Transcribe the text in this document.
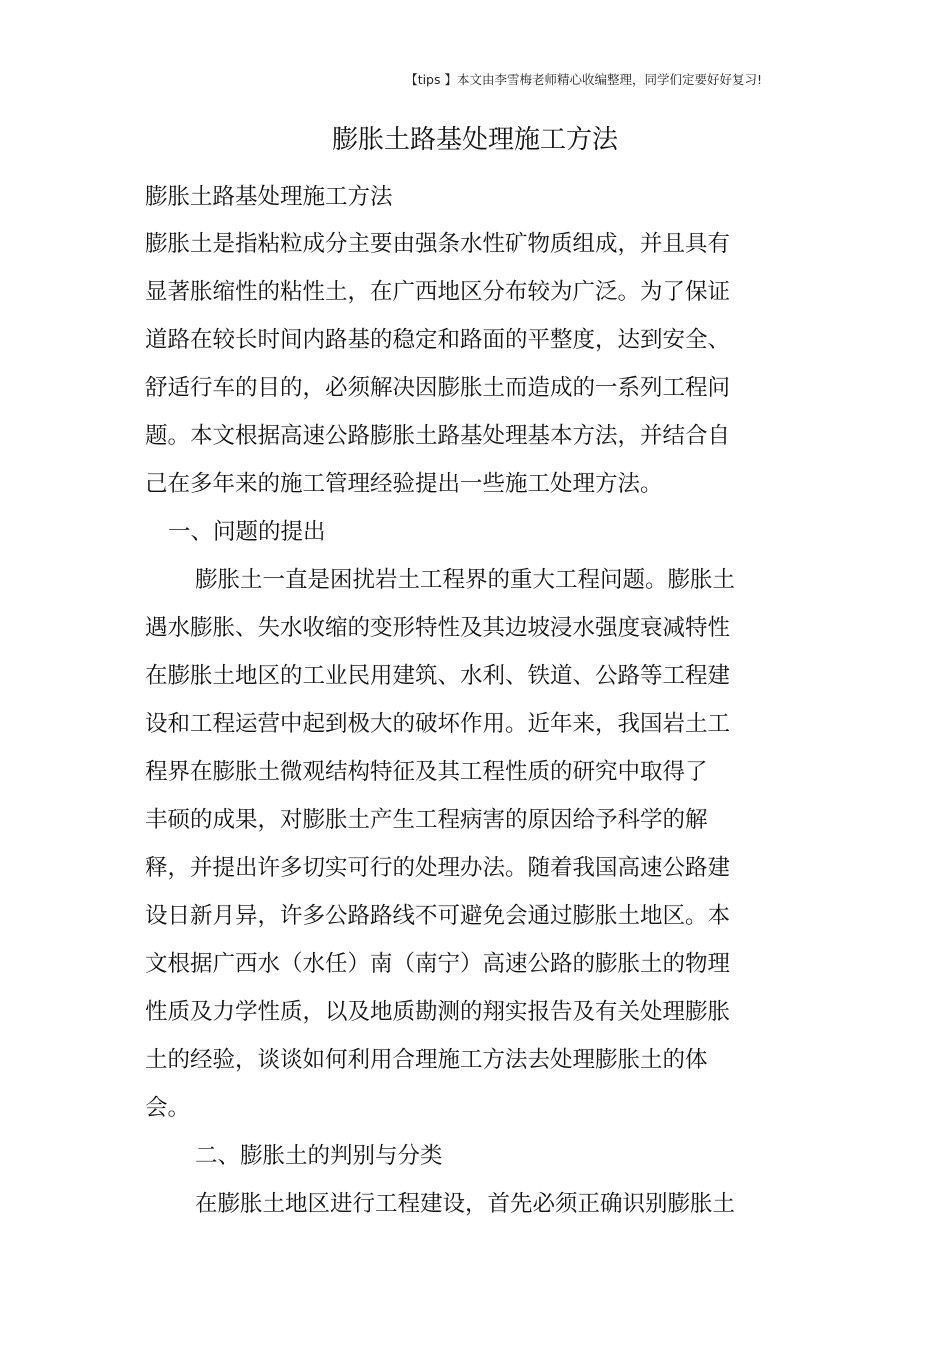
【tips 】本文由李雪梅老师精心收编整理，同学们定要好好复习!
膨胀土路基处理施工方法
膨胀土路基处理施工方法
膨胀土是指粘粒成分主要由强条水性矿物质组成，并且具有
显著胀缩性的粘性土，在广西地区分布较为广泛。为了保证
道路在较长时间内路基的稳定和路面的平整度，达到安全、
舒适行车的目的，必须解决因膨胀土而造成的一系列工程问
题。本文根据高速公路膨胀土路基处理基本方法，并结合自
己在多年来的施工管理经验提出一些施工处理方法。
一、问题的提出
膨胀土一直是困扰岩土工程界的重大工程问题。膨胀土
遇水膨胀、失水收缩的变形特性及其边坡浸水强度衰减特性
在膨胀土地区的工业民用建筑、水利、铁道、公路等工程建
设和工程运营中起到极大的破坏作用。近年来，我国岩土工
程界在膨胀土微观结构特征及其工程性质的研究中取得了
丰硕的成果，对膨胀土产生工程病害的原因给予科学的解
释，并提出许多切实可行的处理办法。随着我国高速公路建
设日新月异，许多公路路线不可避免会通过膨胀土地区。本
文根据广西水（水任）南（南宁）高速公路的膨胀土的物理
性质及力学性质，以及地质勘测的翔实报告及有关处理膨胀
土的经验，谈谈如何利用合理施工方法去处理膨胀土的体
会。
二、膨胀土的判别与分类
在膨胀土地区进行工程建设，首先必须正确识别膨胀土
